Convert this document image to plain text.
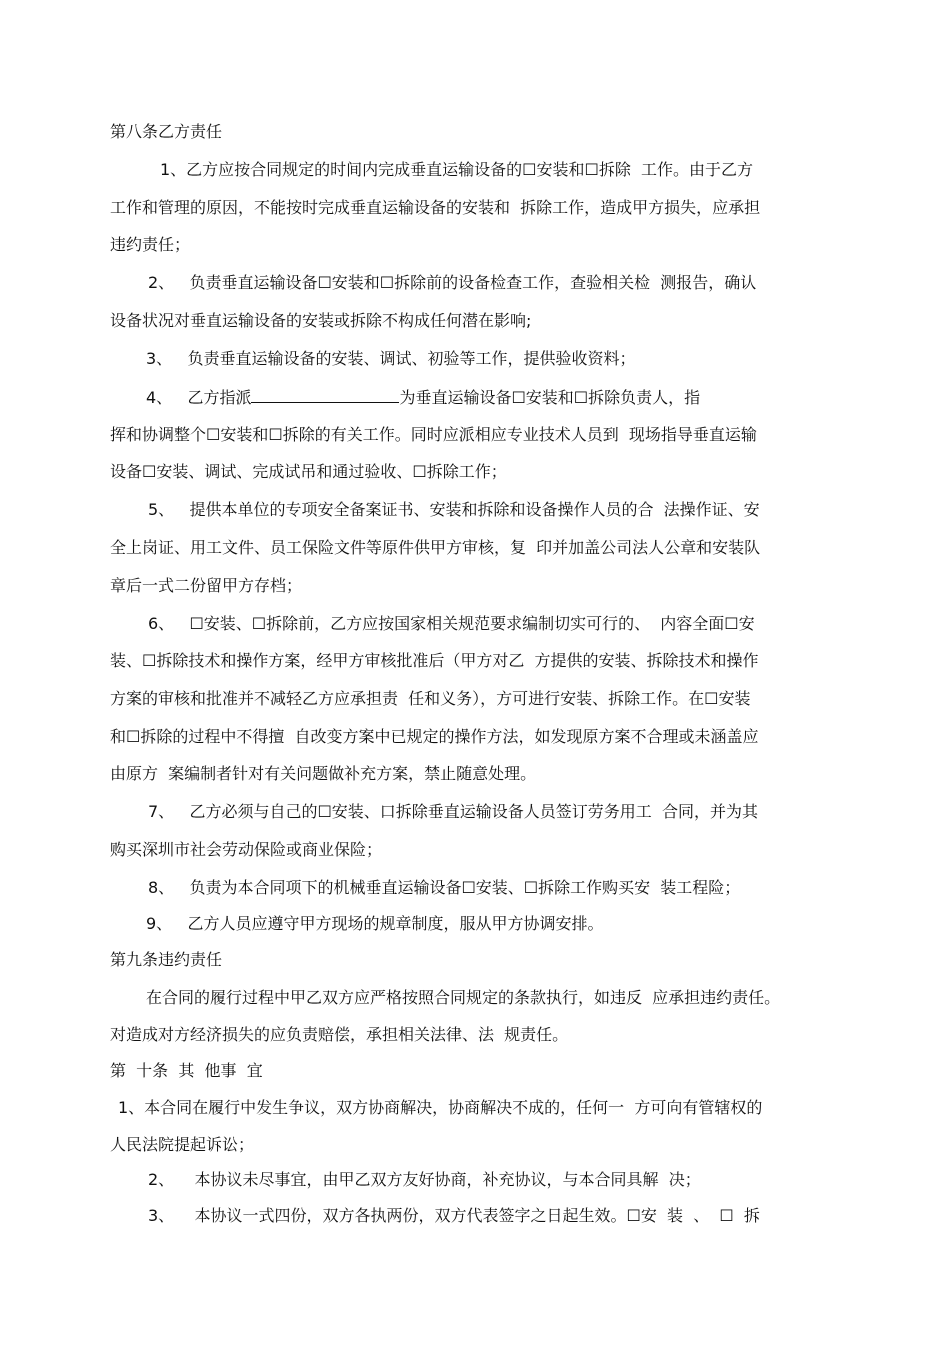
第八条乙方责任

1、乙方应按合同规定的时间内完成垂直运输设备的☐安装和☐拆除  工作。由于乙方

工作和管理的原因，不能按时完成垂直运输设备的安装和  拆除工作，造成甲方损失，应承担

违约责任；

2、   负责垂直运输设备☐安装和☐拆除前的设备检查工作，查验相关检  测报告，确认

设备状况对垂直运输设备的安装或拆除不构成任何潜在影响;

3、   负责垂直运输设备的安装、调试、初验等工作，提供验收资料；

4、   乙方指派	为垂直运输设备☐安装和☐拆除负责人，指

挥和协调整个☐安装和☐拆除的有关工作。同时应派相应专业技术人员到  现场指导垂直运输

设备☐安装、调试、完成试吊和通过验收、☐拆除工作；

5、   提供本单位的专项安全备案证书、安装和拆除和设备操作人员的合  法操作证、安

全上岗证、用工文件、员工保险文件等原件供甲方审核，复  印并加盖公司法人公章和安装队

章后一式二份留甲方存档；

6、   ☐安装、☐拆除前，乙方应按国家相关规范要求编制切实可行的、  内容全面☐安

装、☐拆除技术和操作方案，经甲方审核批准后（甲方对乙  方提供的安装、拆除技术和操作

方案的审核和批准并不减轻乙方应承担责  任和义务），方可进行安装、拆除工作。在☐安装

和☐拆除的过程中不得擅  自改变方案中已规定的操作方法，如发现原方案不合理或未涵盖应

由原方  案编制者针对有关问题做补充方案，禁止随意处理。

7、   乙方必须与自己的☐安装、口拆除垂直运输设备人员签订劳务用工  合同，并为其

购买深圳市社会劳动保险或商业保险；

8、   负责为本合同项下的机械垂直运输设备☐安装、☐拆除工作购买安  装工程险；

9、   乙方人员应遵守甲方现场的规章制度，服从甲方协调安排。

第九条违约责任

在合同的履行过程中甲乙双方应严格按照合同规定的条款执行，如违反  应承担违约责任。

对造成对方经济损失的应负责赔偿，承担相关法律、法  规责任。

第  十条  其  他事  宜

1、本合同在履行中发生争议，双方协商解决，协商解决不成的，任何一  方可向有管辖权的

人民法院提起诉讼；

2、    本协议未尽事宜，由甲乙双方友好协商，补充协议，与本合同具解  决；

3、    本协议一式四份，双方各执两份，双方代表签字之日起生效。☐安  装  、  ☐  拆
